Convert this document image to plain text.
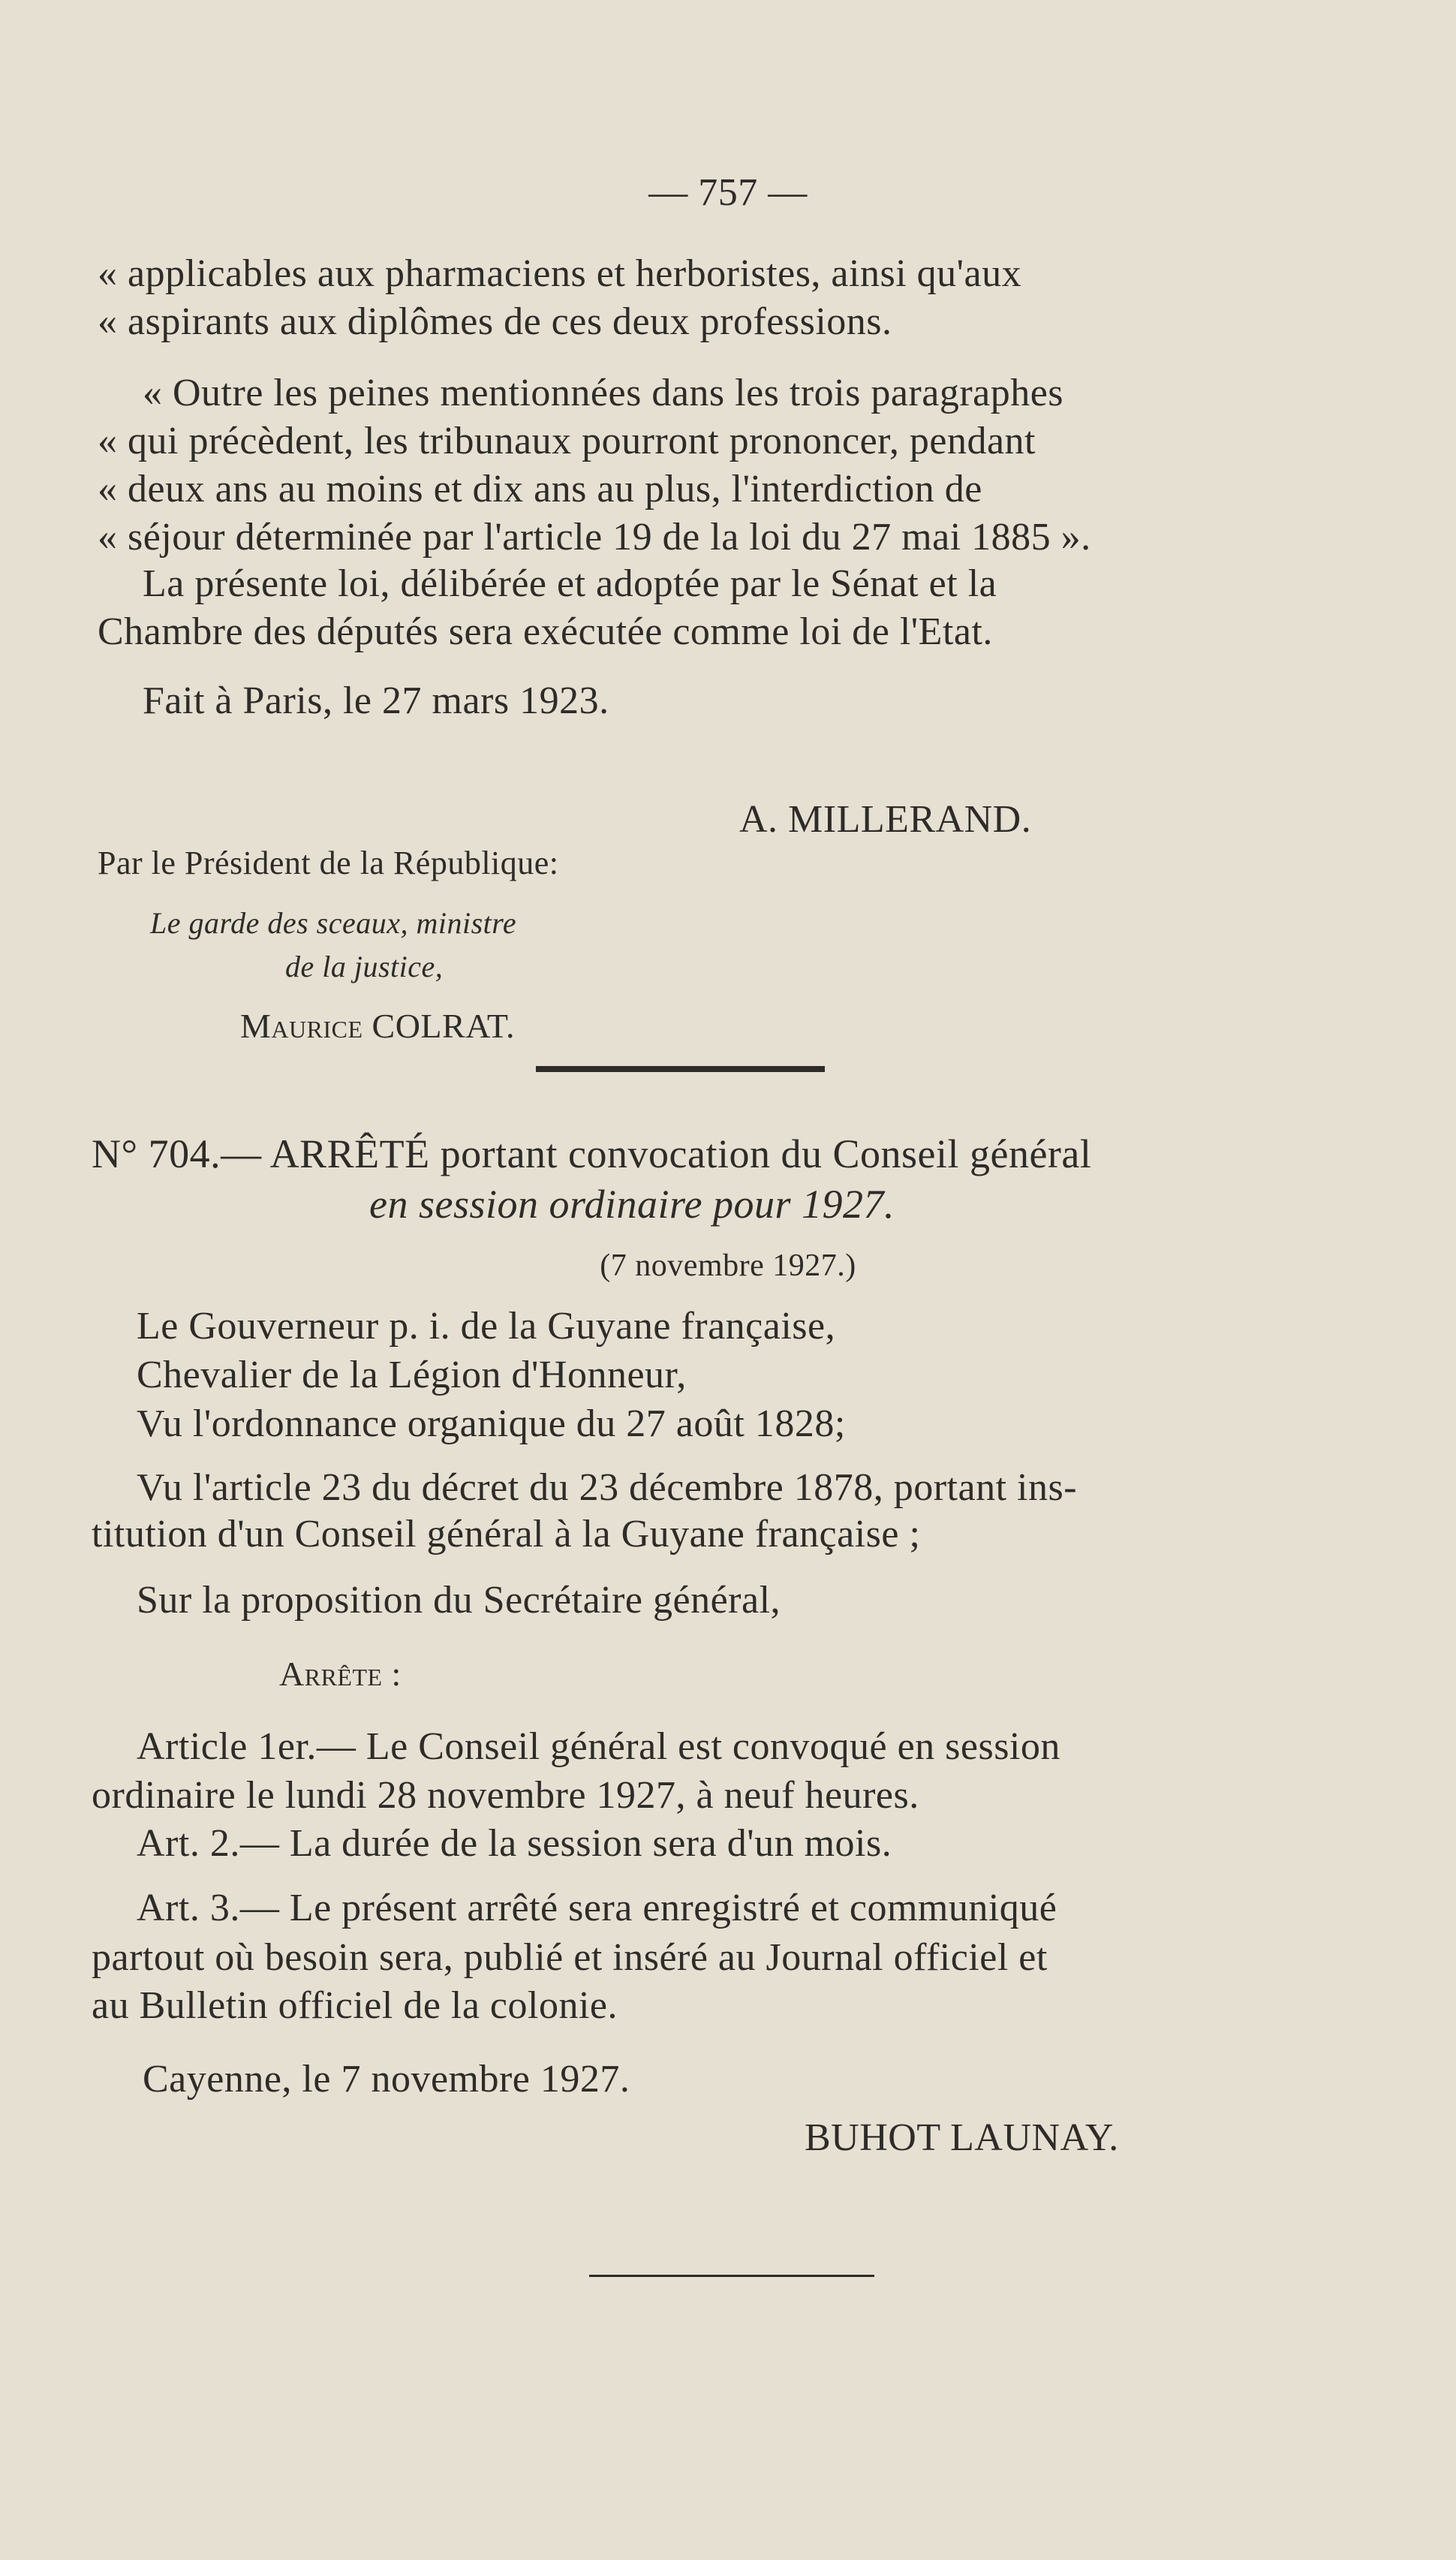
— 757 —
« applicables aux pharmaciens et herboristes, ainsi qu'aux
« aspirants aux diplômes de ces deux professions.
« Outre les peines mentionnées dans les trois paragraphes
« qui précèdent, les tribunaux pourront prononcer, pendant
« deux ans au moins et dix ans au plus, l'interdiction de
« séjour déterminée par l'article 19 de la loi du 27 mai 1885 ».
La présente loi, délibérée et adoptée par le Sénat et la
Chambre des députés sera exécutée comme loi de l'Etat.
Fait à Paris, le 27 mars 1923.
A. MILLERAND.
Par le Président de la République:
Le garde des sceaux, ministre
de la justice,
Maurice COLRAT.
N° 704.— ARRÊTÉ portant convocation du Conseil général
en session ordinaire pour 1927.
(7 novembre 1927.)
Le Gouverneur p. i. de la Guyane française,
Chevalier de la Légion d'Honneur,
Vu l'ordonnance organique du 27 août 1828;
Vu l'article 23 du décret du 23 décembre 1878, portant ins-
titution d'un Conseil général à la Guyane française ;
Sur la proposition du Secrétaire général,
Arrête :
Article 1er.— Le Conseil général est convoqué en session
ordinaire le lundi 28 novembre 1927, à neuf heures.
Art. 2.— La durée de la session sera d'un mois.
Art. 3.— Le présent arrêté sera enregistré et communiqué
partout où besoin sera, publié et inséré au Journal officiel et
au Bulletin officiel de la colonie.
Cayenne, le 7 novembre 1927.
BUHOT LAUNAY.
